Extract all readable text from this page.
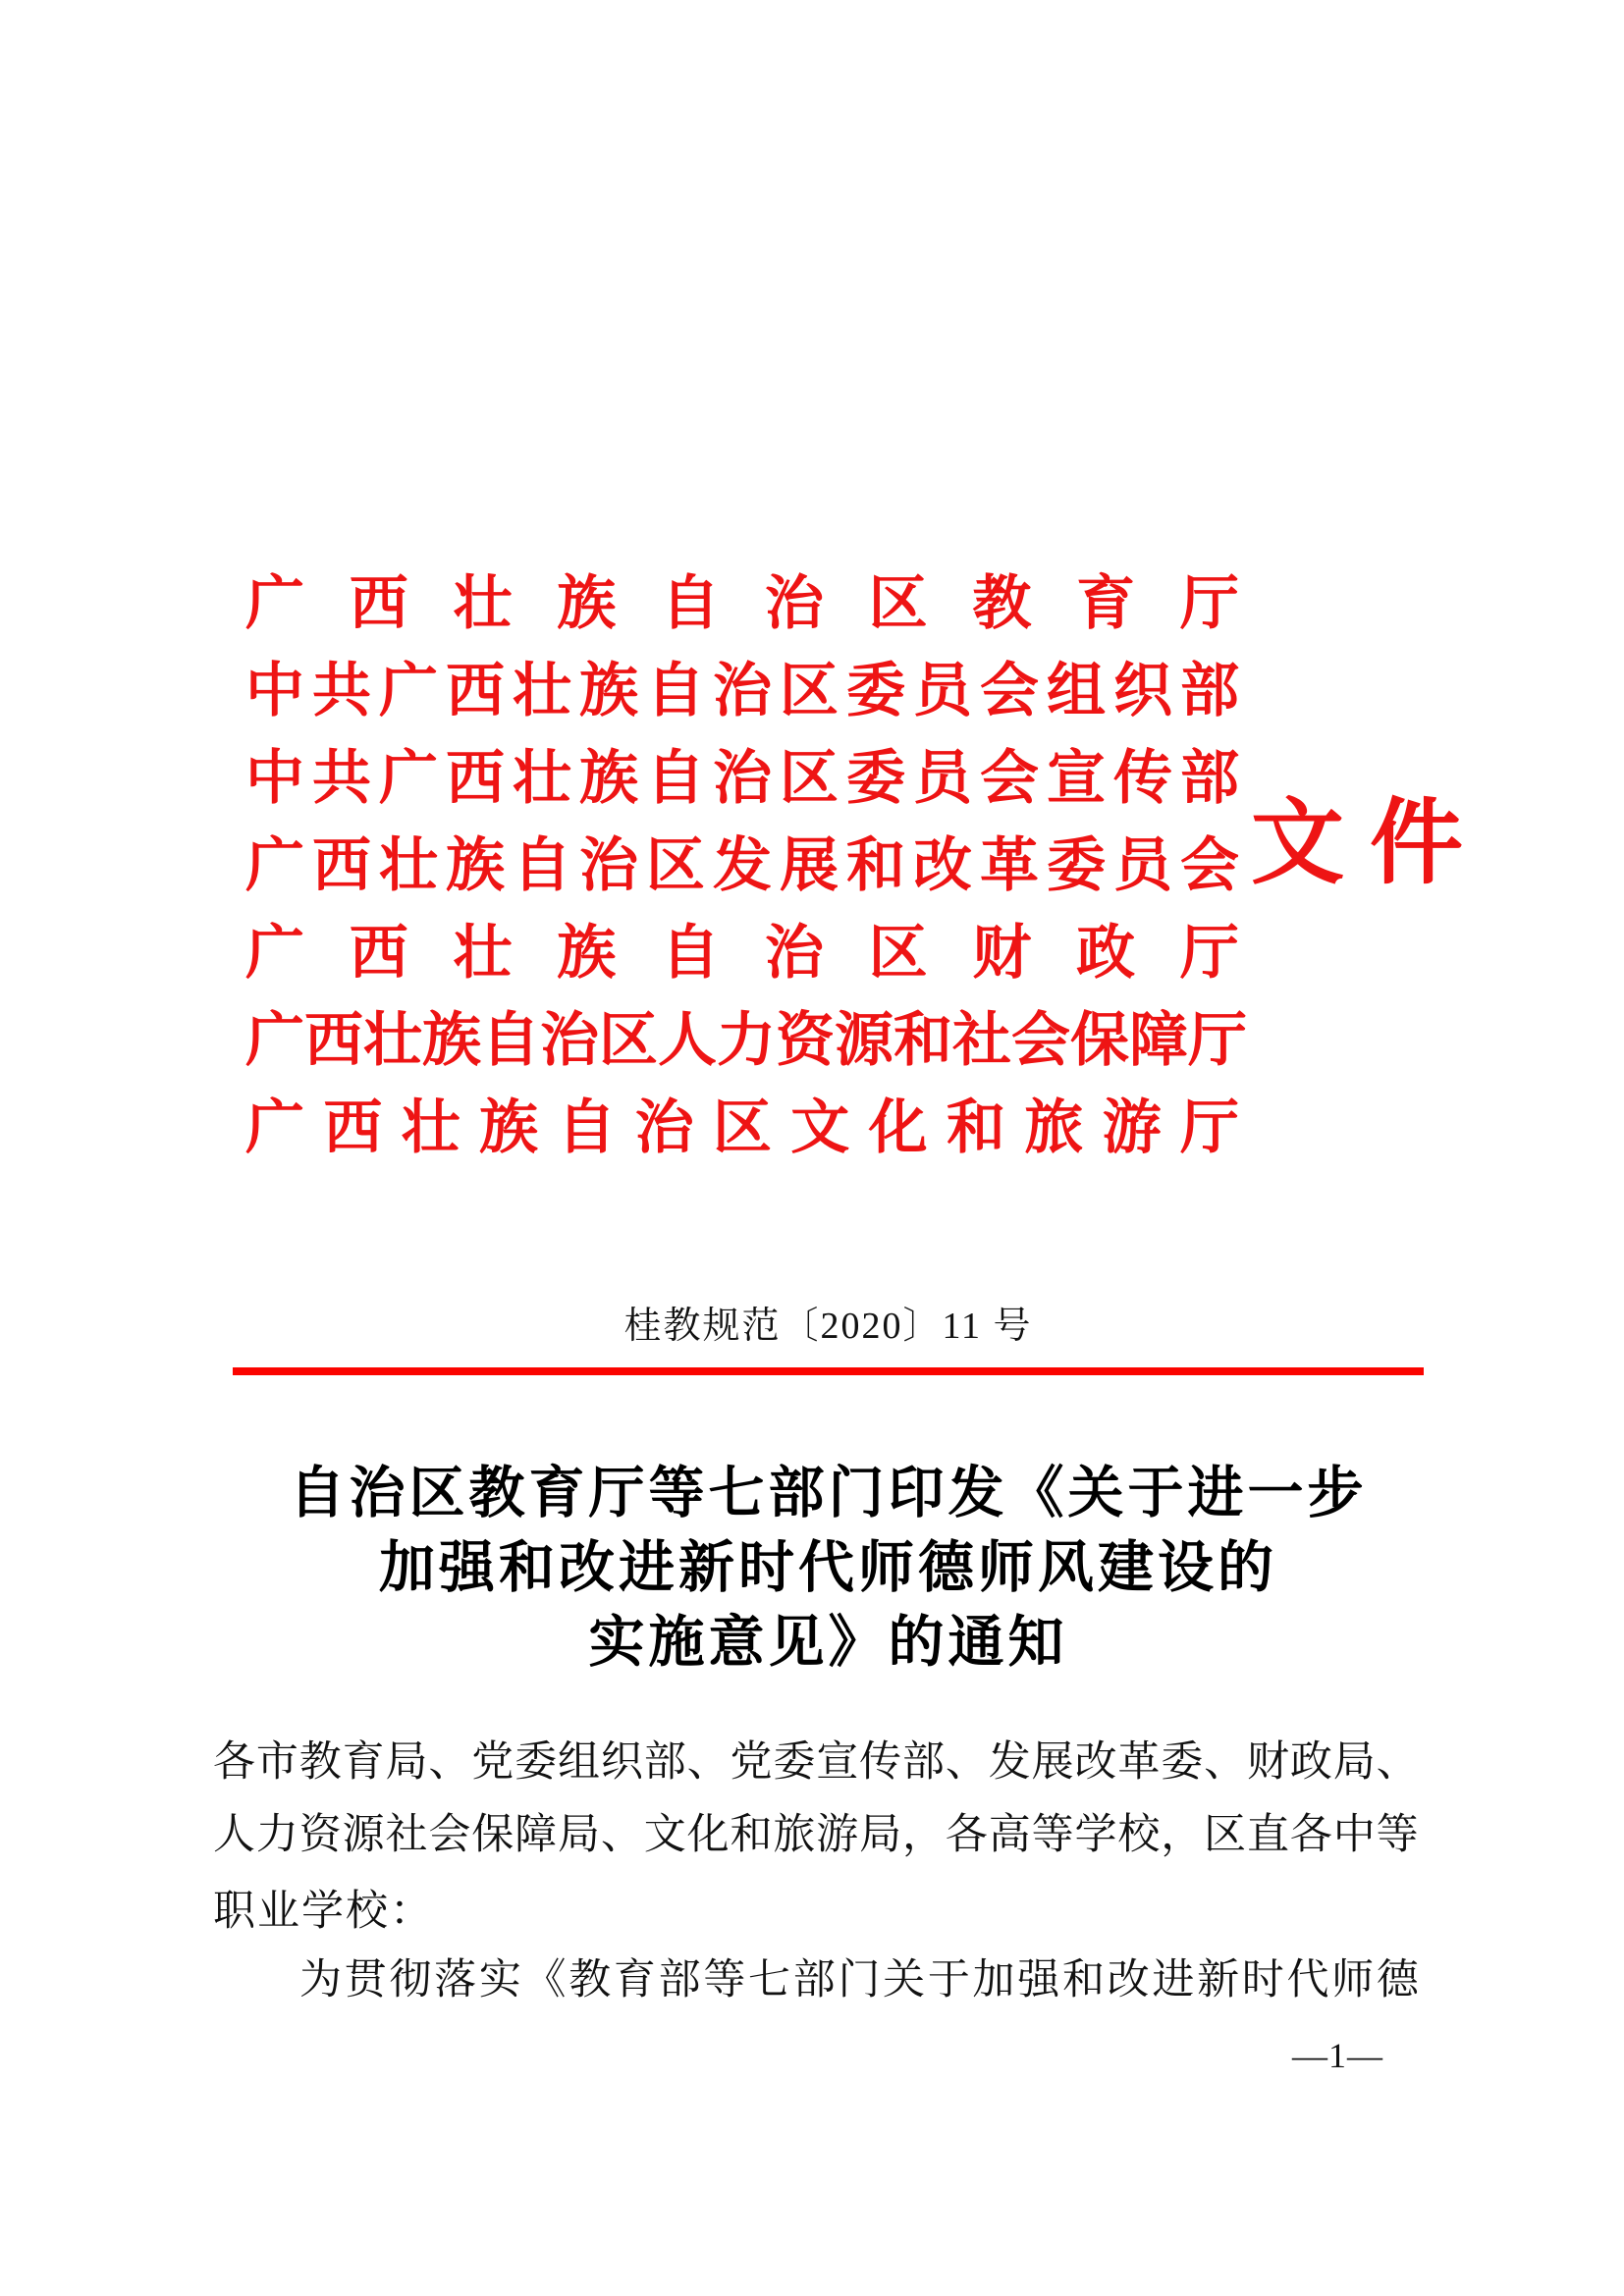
广 西 壮 族 自 治 区 教 育 厅
中 共 广 西 壮 族 自 治 区 委 员 会 组 织 部
中 共 广 西 壮 族 自 治 区 委 员 会 宣 传 部
广 西 壮 族 自 治 区 发 展 和 改 革 委 员 会
广 西 壮 族 自 治 区 财 政 厅
广 西 壮 族 自 治 区 人 力 资 源 和 社 会 保 障 厅
广 西 壮 族 自 治 区 文 化 和 旅 游 厅
文件
桂教规范〔2020〕11 号
自治区教育厅等七部门印发《关于进一步
加强和改进新时代师德师风建设的
实施意见》的通知
各 市 教 育 局 、 党 委 组 织 部 、 党 委 宣 传 部 、 发 展 改 革 委 、 财 政 局 、
人 力 资 源 社 会 保 障 局 、 文 化 和 旅 游 局 ， 各 高 等 学 校 ， 区 直 各 中 等
职业学校：
为 贯 彻 落 实 《 教 育 部 等 七 部 门 关 于 加 强 和 改 进 新 时 代 师 德
—1—
